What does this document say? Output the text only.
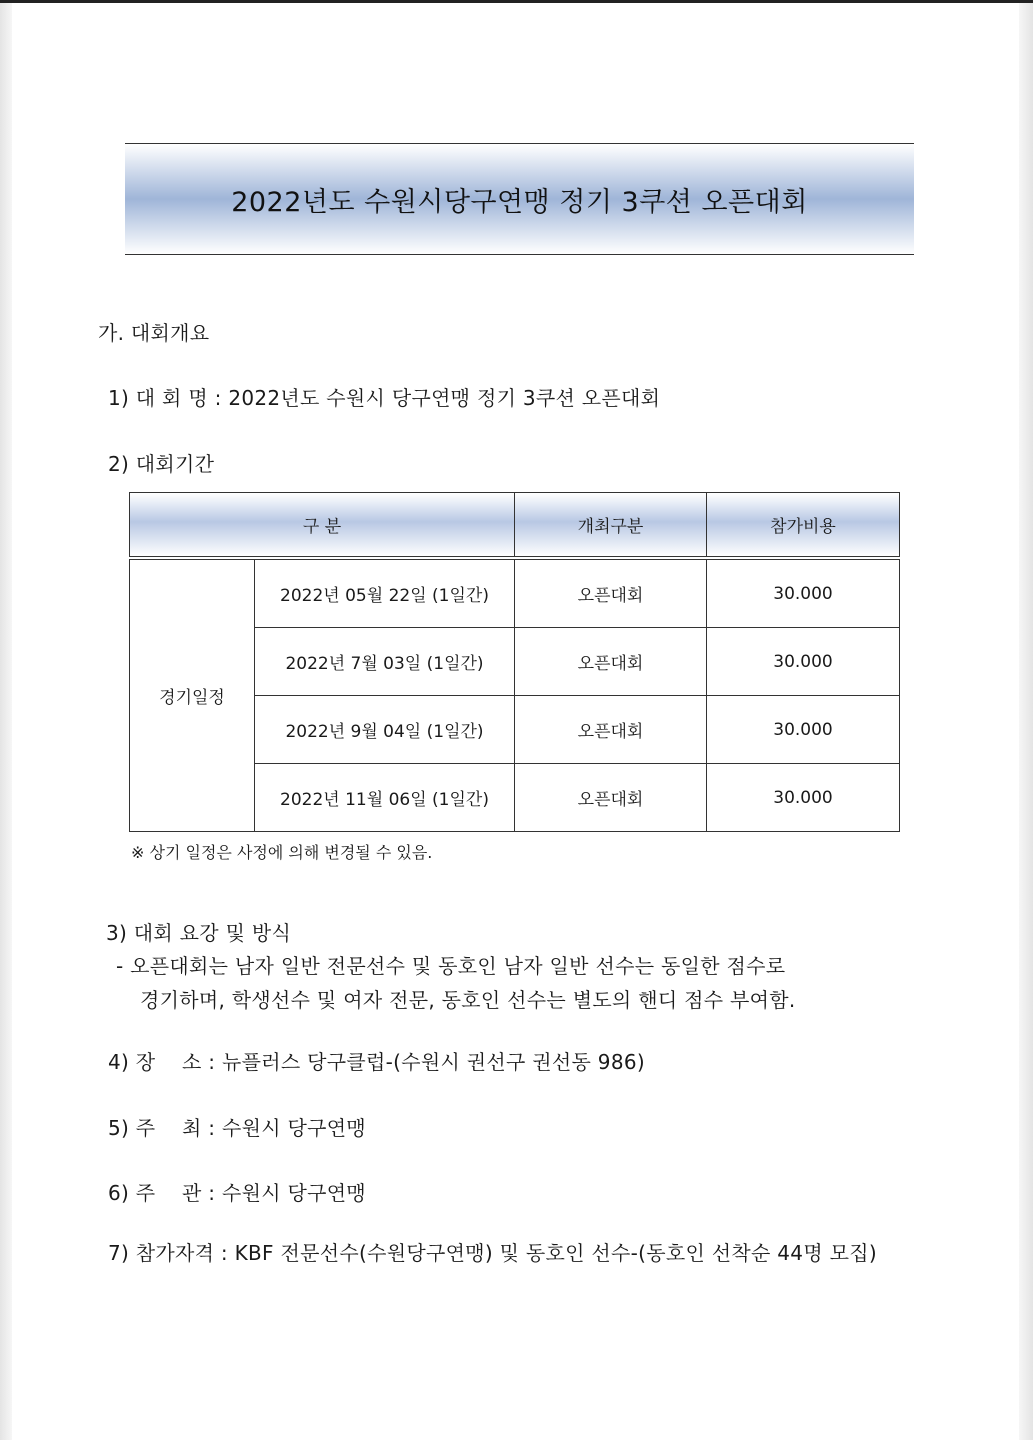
2022년도 수원시당구연맹 정기 3쿠션 오픈대회
가. 대회개요
1) 대 회 명 : 2022년도 수원시 당구연맹 정기 3쿠션 오픈대회
2) 대회기간
구 분		개최구분	참가비용
경기일정	2022년 05월 22일 (1일간)	오픈대회	30.000
	2022년 7월 03일 (1일간)	오픈대회	30.000
	2022년 9월 04일 (1일간)	오픈대회	30.000
	2022년 11월 06일 (1일간)	오픈대회	30.000
※ 상기 일정은 사정에 의해 변경될 수 있음.
3) 대회 요강 및 방식
- 오픈대회는 남자 일반 전문선수 및 동호인 남자 일반 선수는 동일한 점수로
경기하며, 학생선수 및 여자 전문, 동호인 선수는 별도의 핸디 점수 부여함.
4) 장    소 : 뉴플러스 당구클럽-(수원시 권선구 권선동 986)
5) 주    최 : 수원시 당구연맹
6) 주    관 : 수원시 당구연맹
7) 참가자격 : KBF 전문선수(수원당구연맹) 및 동호인 선수-(동호인 선착순 44명 모집)
